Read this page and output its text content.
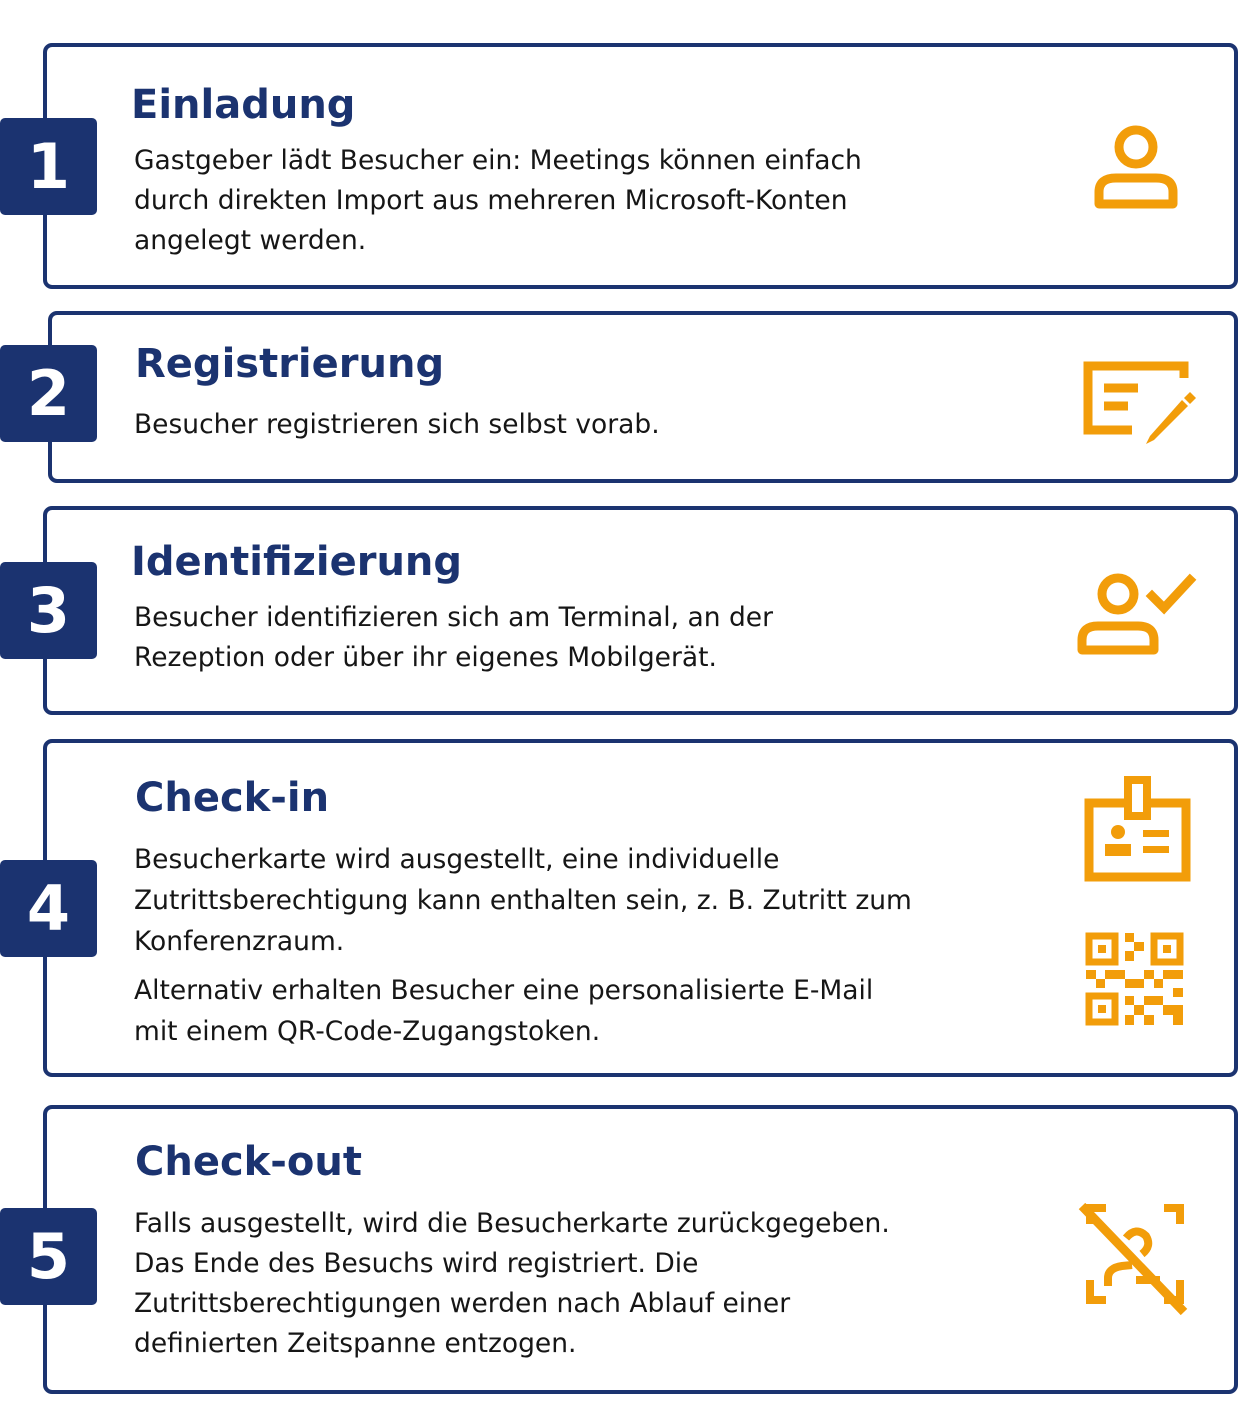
1
Einladung

Gastgeber lädt Besucher ein: Meetings können einfach

durch direkten Import aus mehreren Microsoft-Konten

angelegt werden.

2	Registrierung

Besucher registrieren sich selbst vorab.

3
Identifizierung

Besucher identifizieren sich am Terminal, an der

Rezeption oder über ihr eigenes Mobilgerät.

4
Check-in

Besucherkarte wird ausgestellt, eine individuelle

Zutrittsberechtigung kann enthalten sein, z. B. Zutritt zum

Konferenzraum.

Alternativ erhalten Besucher eine personalisierte E-Mail

mit einem QR-Code-Zugangstoken.

5
Check-out

Falls ausgestellt, wird die Besucherkarte zurückgegeben.

Das Ende des Besuchs wird registriert. Die

Zutrittsberechtigungen werden nach Ablauf einer

definierten Zeitspanne entzogen.
